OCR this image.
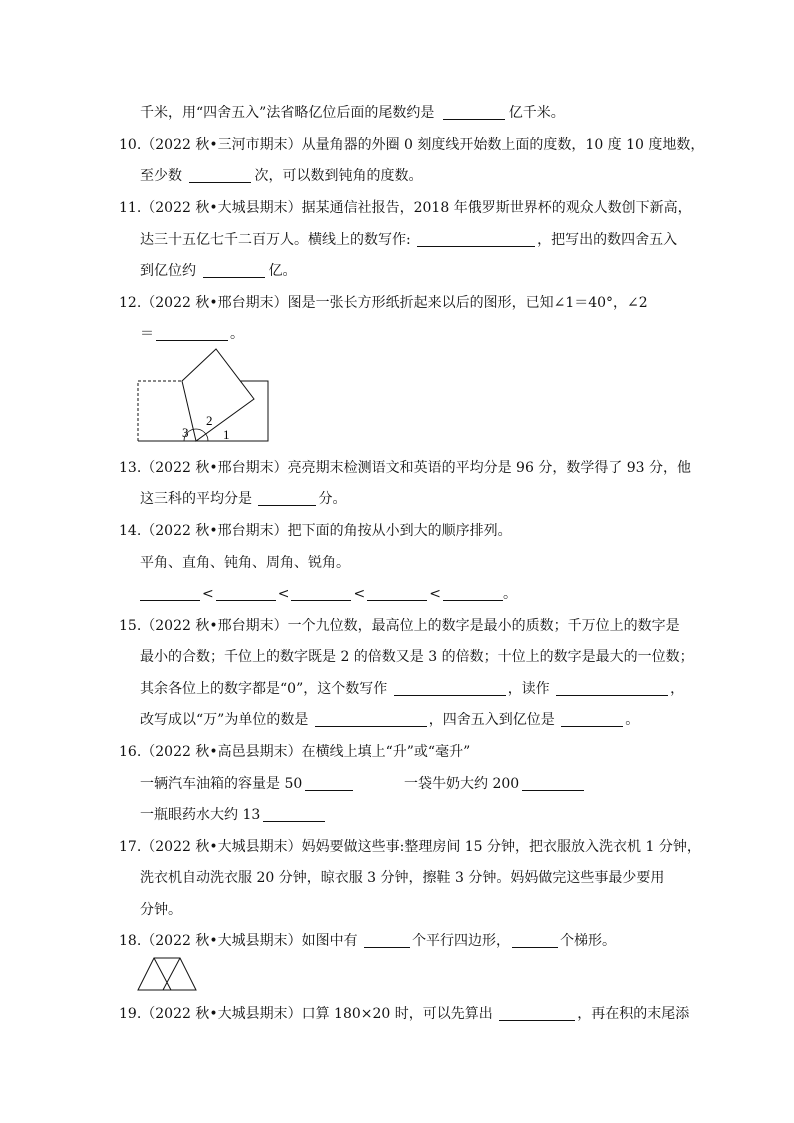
千米，用“四舍五入”法省略亿位后面的尾数约是	亿千米。
10.（2022 秋•三河市期末）从量角器的外圈 0 刻度线开始数上面的度数，10 度 10 度地数，
至少数	次，可以数到钝角的度数。
11.（2022 秋•大城县期末）据某通信社报告，2018 年俄罗斯世界杯的观众人数创下新高，
达三十五亿七千二百万人。横线上的数写作:	，把写出的数四舍五入
到亿位约	亿。
12.（2022 秋•邢台期末）图是一张长方形纸折起来以后的图形，已知∠1＝40°，∠2
＝	。
2
1
3
13.（2022 秋•邢台期末）亮亮期末检测语文和英语的平均分是 96 分，数学得了 93 分，他
这三科的平均分是	分。
14.（2022 秋•邢台期末）把下面的角按从小到大的顺序排列。
平角、直角、钝角、周角、锐角。
<	<	<	<	。
15.（2022 秋•邢台期末）一个九位数，最高位上的数字是最小的质数；千万位上的数字是
最小的合数；千位上的数字既是 2 的倍数又是 3 的倍数；十位上的数字是最大的一位数；
其余各位上的数字都是“0”，这个数写作	，读作	，
改写成以“万”为单位的数是	，四舍五入到亿位是	。
16.（2022 秋•高邑县期末）在横线上填上“升”或“毫升”
一辆汽车油箱的容量是 50	一袋牛奶大约 200
一瓶眼药水大约 13
17.（2022 秋•大城县期末）妈妈要做这些事:整理房间 15 分钟，把衣服放入洗衣机 1 分钟，
洗衣机自动洗衣服 20 分钟，晾衣服 3 分钟，擦鞋 3 分钟。妈妈做完这些事最少要用
分钟。
18.（2022 秋•大城县期末）如图中有	个平行四边形，	个梯形。
19.（2022 秋•大城县期末）口算 180×20 时，可以先算出	，再在积的末尾添
